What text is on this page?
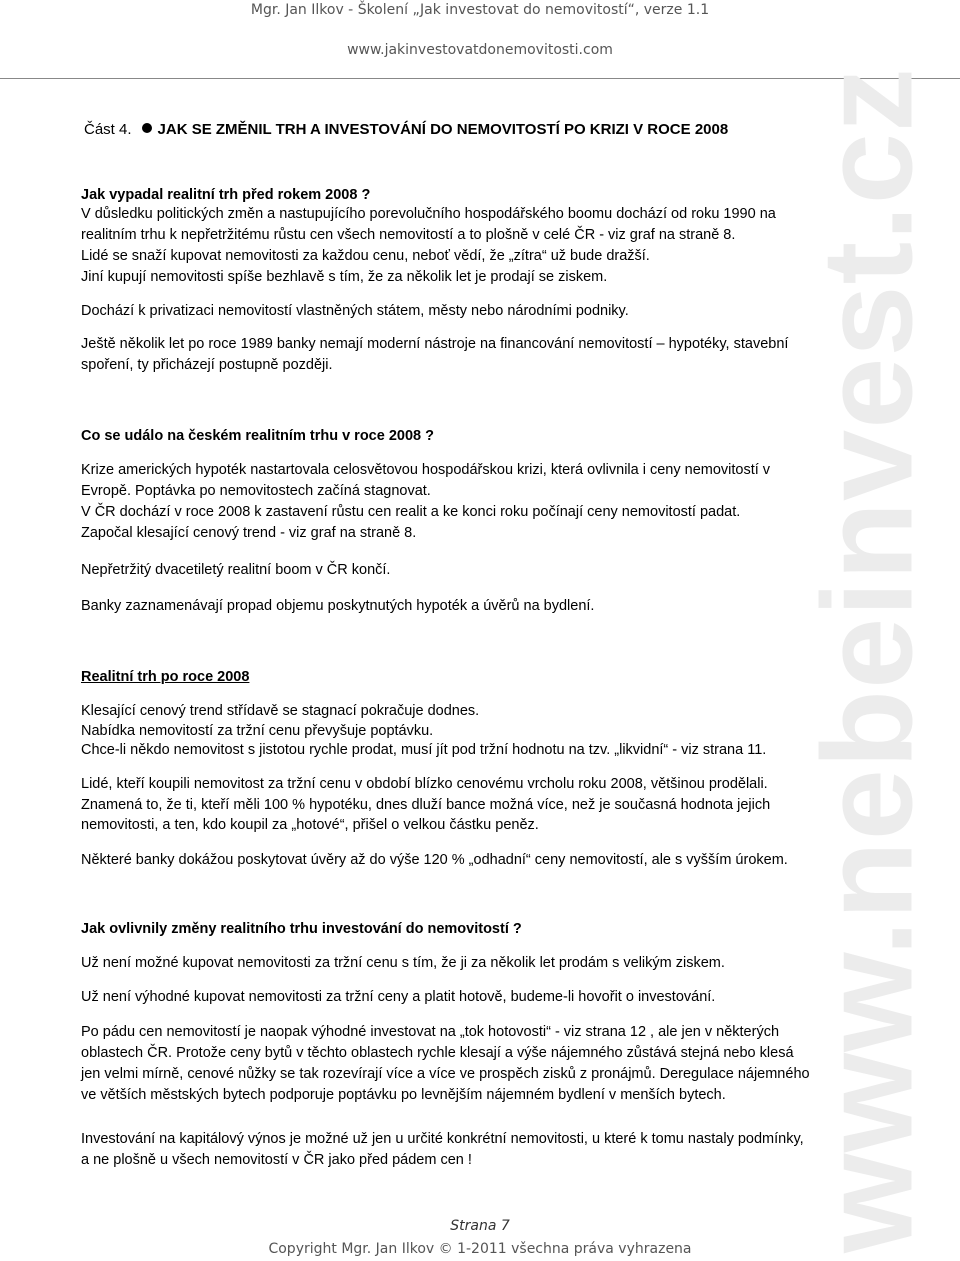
Mgr. Jan Ilkov - Školení „Jak investovat do nemovitostí“, verze 1.1
www.jakinvestovatdonemovitosti.com
www.nebeinvest.cz
Část 4. JAK SE ZMĚNIL TRH A INVESTOVÁNÍ DO NEMOVITOSTÍ PO KRIZI V ROCE 2008
Jak vypadal realitní trh před rokem 2008 ?
V důsledku politických změn a nastupujícího porevolučního hospodářského boomu dochází od roku 1990 na
realitním trhu k nepřetržitému růstu cen všech nemovitostí a to plošně v celé ČR - viz graf na straně 8.
Lidé se snaží kupovat nemovitosti za každou cenu, neboť vědí, že „zítra“ už bude dražší.
Jiní kupují nemovitosti spíše bezhlavě s tím, že za několik let je prodají se ziskem.
Dochází k privatizaci nemovitostí vlastněných státem, městy nebo národními podniky.
Ještě několik let po roce 1989 banky nemají moderní nástroje na financování nemovitostí – hypotéky, stavební
spoření, ty přicházejí postupně později.
Co se událo na českém realitním trhu v roce 2008 ?
Krize amerických hypoték nastartovala celosvětovou hospodářskou krizi, která ovlivnila i ceny nemovitostí v
Evropě. Poptávka po nemovitostech začíná stagnovat.
V ČR dochází v roce 2008 k zastavení růstu cen realit a ke konci roku počínají ceny nemovitostí padat.
Započal klesající cenový trend - viz graf na straně 8.
Nepřetržitý dvacetiletý realitní boom v ČR končí.
Banky zaznamenávají propad objemu poskytnutých hypoték a úvěrů na bydlení.
Realitní trh po roce 2008
Klesající cenový trend střídavě se stagnací pokračuje dodnes.
Nabídka nemovitostí za tržní cenu převyšuje poptávku.
Chce-li někdo nemovitost s jistotou rychle prodat, musí jít pod tržní hodnotu na tzv. „likvidní“ - viz strana 11.
Lidé, kteří koupili nemovitost za tržní cenu v období blízko cenovému vrcholu roku 2008, většinou prodělali.
Znamená to, že ti, kteří měli 100 % hypotéku, dnes dluží bance možná více, než je současná hodnota jejich
nemovitosti, a ten, kdo koupil za „hotové“, přišel o velkou částku peněz.
Některé banky dokážou poskytovat úvěry až do výše 120 % „odhadní“ ceny nemovitostí, ale s vyšším úrokem.
Jak ovlivnily změny realitního trhu investování do nemovitostí ?
Už není možné kupovat nemovitosti za tržní cenu s tím, že ji za několik let prodám s velikým ziskem.
Už není výhodné kupovat nemovitosti za tržní ceny a platit hotově, budeme-li hovořit o investování.
Po pádu cen nemovitostí je naopak výhodné investovat na „tok hotovosti“ - viz strana 12 , ale jen v některých
oblastech ČR. Protože ceny bytů v těchto oblastech rychle klesají a výše nájemného zůstává stejná nebo klesá
jen velmi mírně, cenové nůžky se tak rozevírají více a více ve prospěch zisků z pronájmů. Deregulace nájemného
ve větších městských bytech podporuje poptávku po levnějším nájemném bydlení v menších bytech.
Investování na kapitálový výnos je možné už jen u určité konkrétní nemovitosti, u které k tomu nastaly podmínky,
a ne plošně u všech nemovitostí v ČR jako před pádem cen !
Strana 7
Copyright Mgr. Jan Ilkov © 1-2011 všechna práva vyhrazena
